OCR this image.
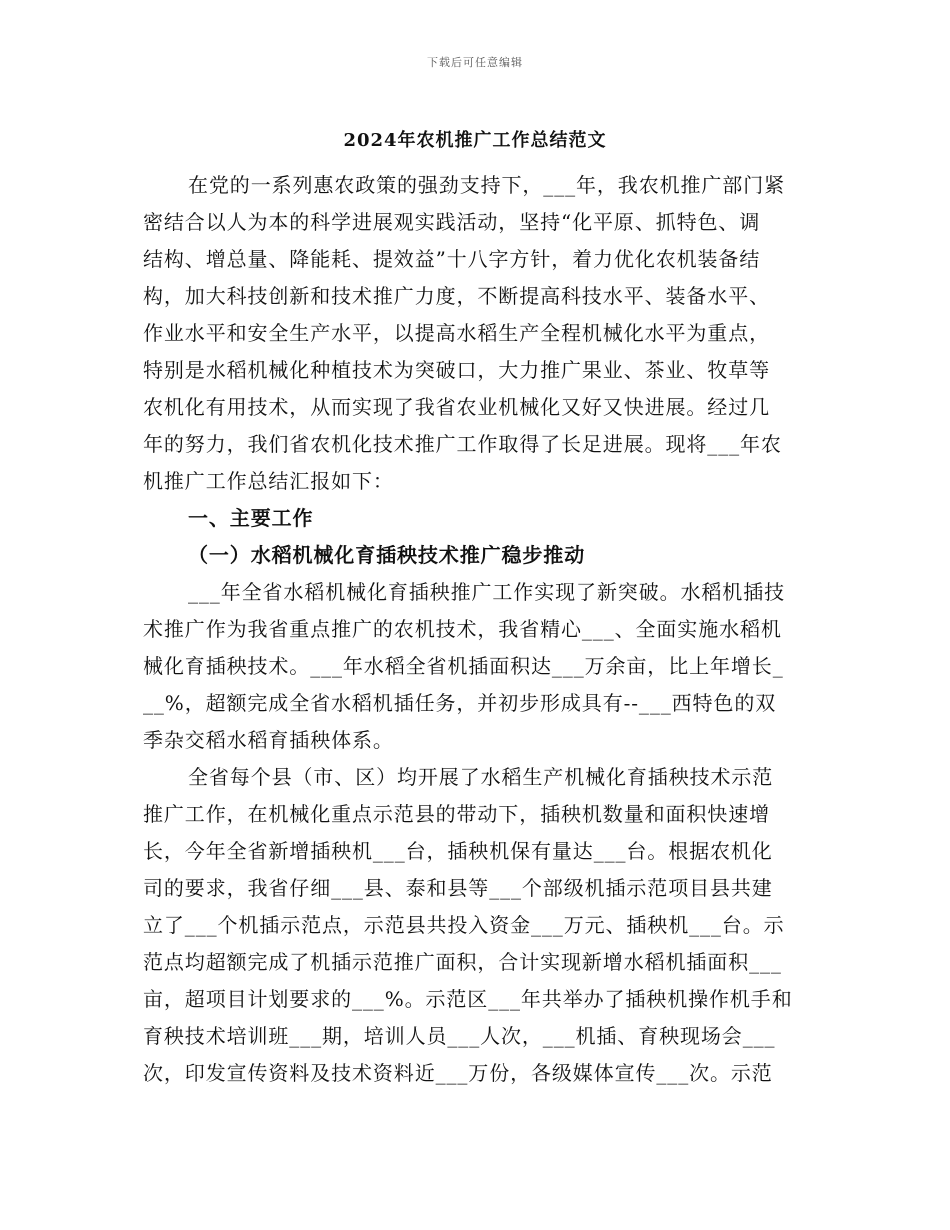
下载后可任意编辑
2024年农机推广工作总结范文
在党的一系列惠农政策的强劲支持下，___年，我农机推广部门紧
密结合以人为本的科学进展观实践活动，坚持“化平原、抓特色、调
结构、增总量、降能耗、提效益”十八字方针，着力优化农机装备结
构，加大科技创新和技术推广力度，不断提高科技水平、装备水平、
作业水平和安全生产水平，以提高水稻生产全程机械化水平为重点，
特别是水稻机械化种植技术为突破口，大力推广果业、茶业、牧草等
农机化有用技术，从而实现了我省农业机械化又好又快进展。经过几
年的努力，我们省农机化技术推广工作取得了长足进展。现将___年农
机推广工作总结汇报如下：
一、主要工作
（一）水稻机械化育插秧技术推广稳步推动
___年全省水稻机械化育插秧推广工作实现了新突破。水稻机插技
术推广作为我省重点推广的农机技术，我省精心___、全面实施水稻机
械化育插秧技术。___年水稻全省机插面积达___万余亩，比上年增长_
__%，超额完成全省水稻机插任务，并初步形成具有--___西特色的双
季杂交稻水稻育插秧体系。
全省每个县（市、区）均开展了水稻生产机械化育插秧技术示范
推广工作，在机械化重点示范县的带动下，插秧机数量和面积快速增
长，今年全省新增插秧机___台，插秧机保有量达___台。根据农机化
司的要求，我省仔细___县、泰和县等___个部级机插示范项目县共建
立了___个机插示范点，示范县共投入资金___万元、插秧机___台。示
范点均超额完成了机插示范推广面积，合计实现新增水稻机插面积___
亩，超项目计划要求的___%。示范区___年共举办了插秧机操作机手和
育秧技术培训班___期，培训人员___人次，___机插、育秧现场会___
次，印发宣传资料及技术资料近___万份，各级媒体宣传___次。示范
